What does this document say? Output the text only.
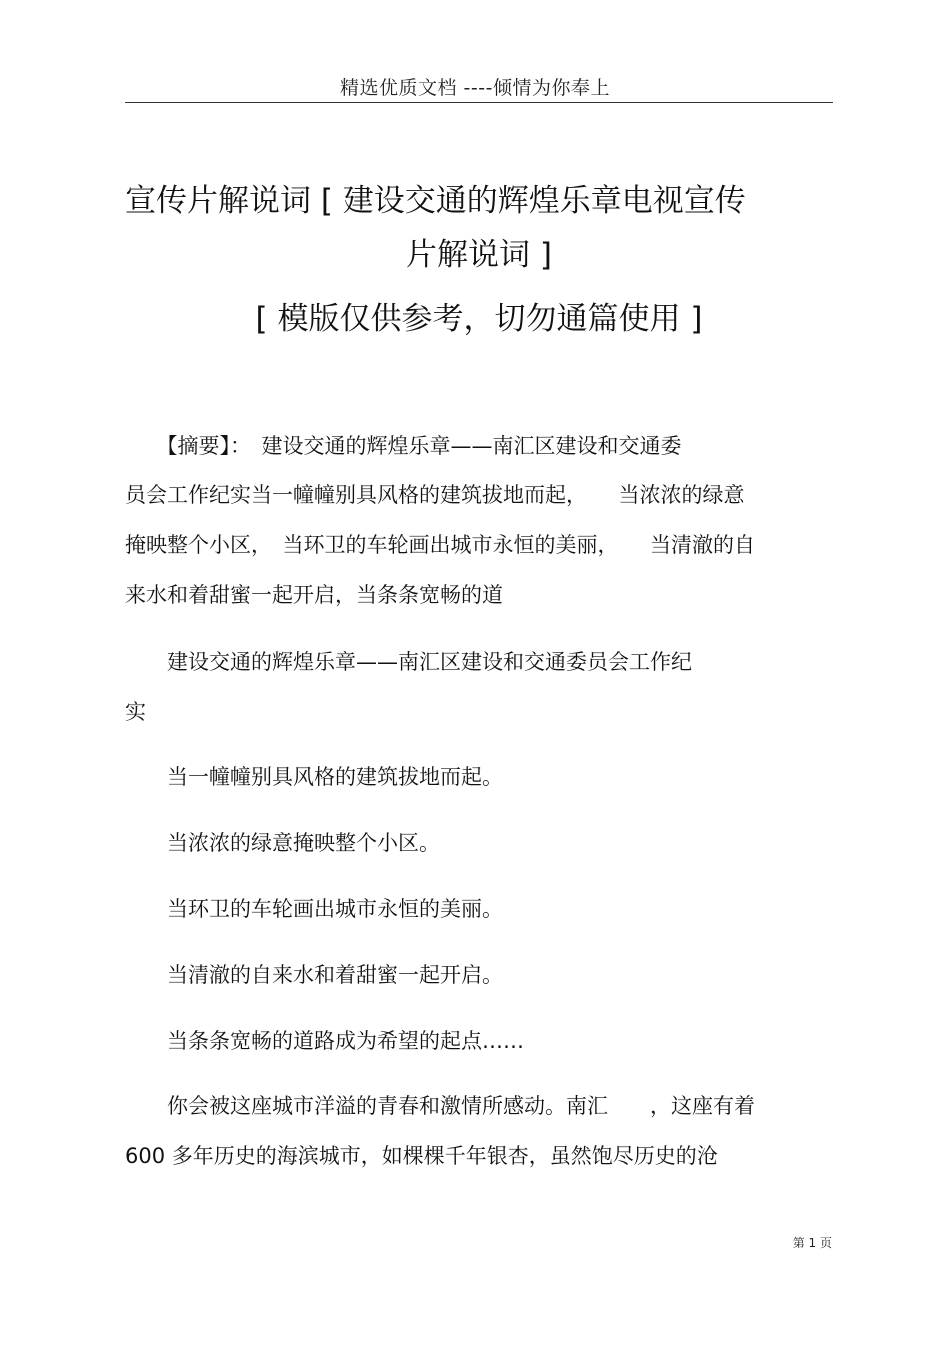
精选优质文档 ----倾情为你奉上
宣传片解说词 [ 建设交通的辉煌乐章电视宣传
片解说词 ]
[ 模版仅供参考，切勿通篇使用 ]
　　【摘要】：　建设交通的辉煌乐章——南汇区建设和交通委
员会工作纪实当一幢幢别具风格的建筑拔地而起，　　当浓浓的绿意
掩映整个小区，　当环卫的车轮画出城市永恒的美丽，　　当清澈的自
来水和着甜蜜一起开启，当条条宽畅的道
　　建设交通的辉煌乐章——南汇区建设和交通委员会工作纪
实
　　当一幢幢别具风格的建筑拔地而起。
　　当浓浓的绿意掩映整个小区。
　　当环卫的车轮画出城市永恒的美丽。
　　当清澈的自来水和着甜蜜一起开启。
　　当条条宽畅的道路成为希望的起点……
　　你会被这座城市洋溢的青春和激情所感动。南汇　　，这座有着
600 多年历史的海滨城市，如棵棵千年银杏，虽然饱尽历史的沧
第 1 页
